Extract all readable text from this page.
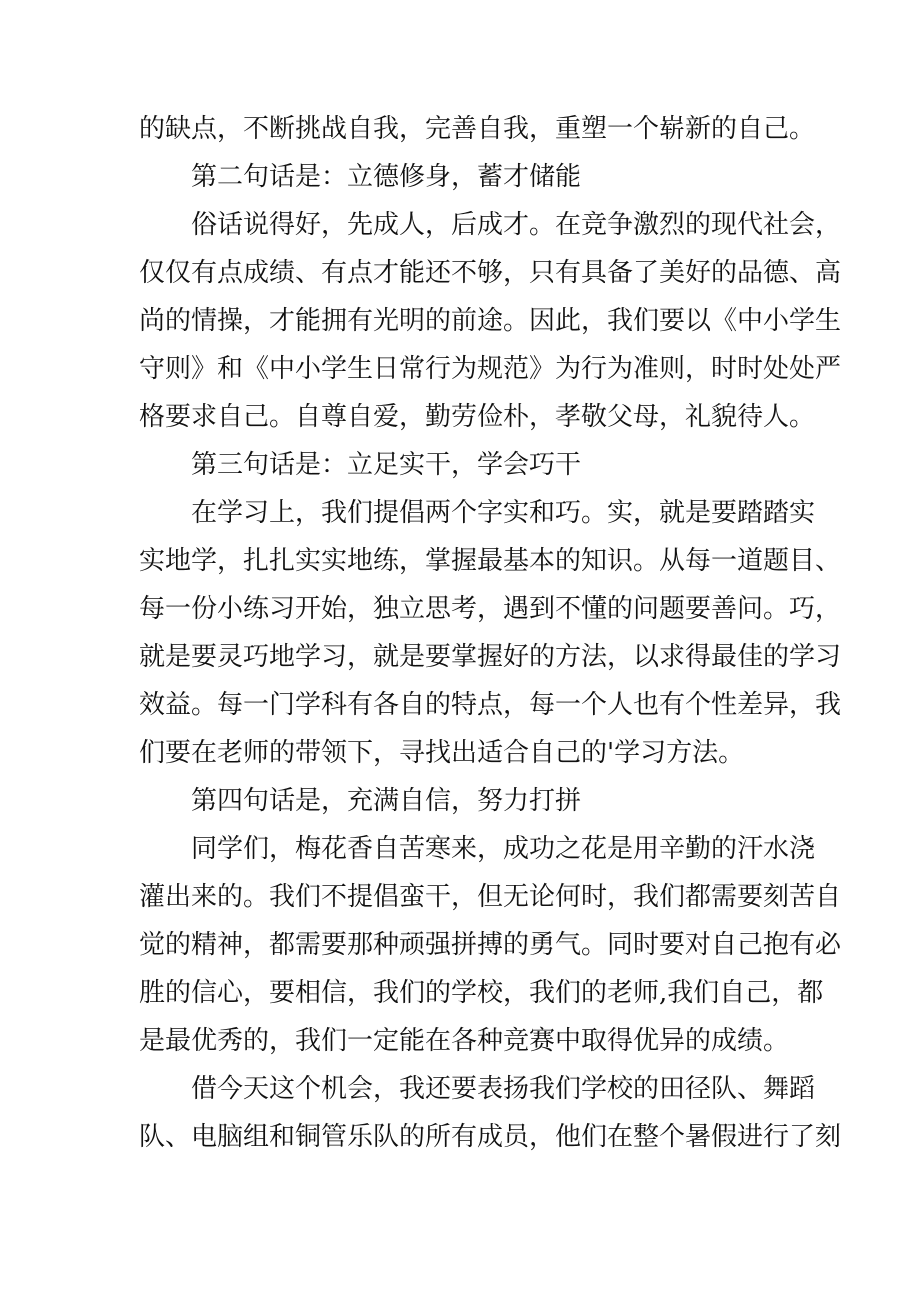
的缺点，不断挑战自我，完善自我，重塑一个崭新的自己。
第二句话是：立德修身，蓄才储能
俗话说得好，先成人，后成才。在竞争激烈的现代社会，
仅仅有点成绩、有点才能还不够，只有具备了美好的品德、高
尚的情操，才能拥有光明的前途。因此，我们要以《中小学生
守则》和《中小学生日常行为规范》为行为准则，时时处处严
格要求自己。自尊自爱，勤劳俭朴，孝敬父母，礼貌待人。
第三句话是：立足实干，学会巧干
在学习上，我们提倡两个字实和巧。实，就是要踏踏实
实地学，扎扎实实地练，掌握最基本的知识。从每一道题目、
每一份小练习开始，独立思考，遇到不懂的问题要善问。巧，
就是要灵巧地学习，就是要掌握好的方法，以求得最佳的学习
效益。每一门学科有各自的特点，每一个人也有个性差异，我
们要在老师的带领下，寻找出适合自己的'学习方法。
第四句话是，充满自信，努力打拼
同学们，梅花香自苦寒来，成功之花是用辛勤的汗水浇
灌出来的。我们不提倡蛮干，但无论何时，我们都需要刻苦自
觉的精神，都需要那种顽强拼搏的勇气。同时要对自己抱有必
胜的信心，要相信，我们的学校，我们的老师,我们自己，都
是最优秀的，我们一定能在各种竞赛中取得优异的成绩。
借今天这个机会，我还要表扬我们学校的田径队、舞蹈
队、电脑组和铜管乐队的所有成员，他们在整个暑假进行了刻
